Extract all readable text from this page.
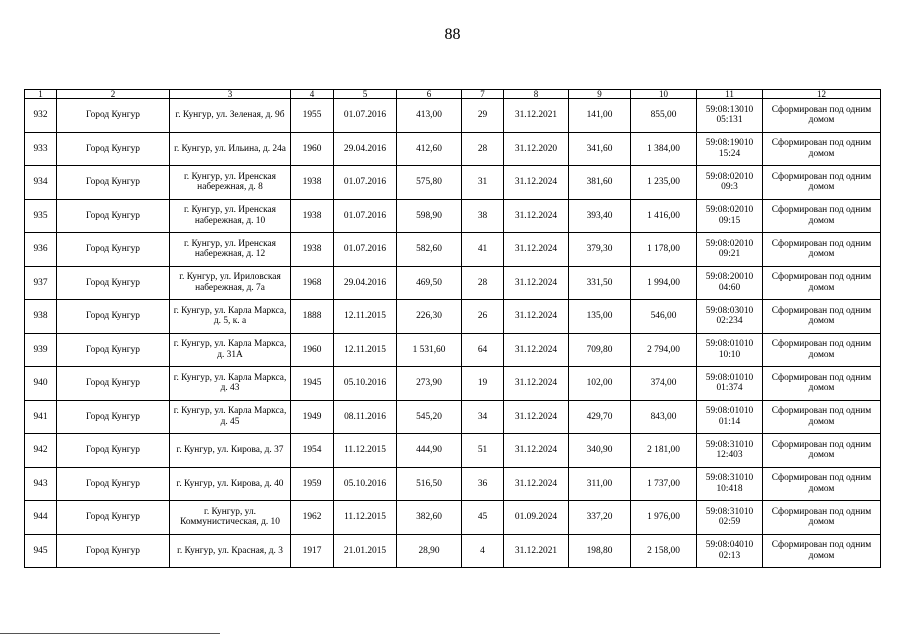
88
1	2	3	4	5	6	7	8	9	10	11	12
932	Город Кунгур	г. Кунгур, ул. Зеленая, д. 9б	1955	01.07.2016	413,00	29	31.12.2021	141,00	855,00	59:08:13010 05:131	Сформирован под одним домом
933	Город Кунгур	г. Кунгур, ул. Ильина, д. 24а	1960	29.04.2016	412,60	28	31.12.2020	341,60	1 384,00	59:08:19010 15:24	Сформирован под одним домом
934	Город Кунгур	г. Кунгур, ул. Иренская набережная, д. 8	1938	01.07.2016	575,80	31	31.12.2024	381,60	1 235,00	59:08:02010 09:3	Сформирован под одним домом
935	Город Кунгур	г. Кунгур, ул. Иренская набережная, д. 10	1938	01.07.2016	598,90	38	31.12.2024	393,40	1 416,00	59:08:02010 09:15	Сформирован под одним домом
936	Город Кунгур	г. Кунгур, ул. Иренская набережная, д. 12	1938	01.07.2016	582,60	41	31.12.2024	379,30	1 178,00	59:08:02010 09:21	Сформирован под одним домом
937	Город Кунгур	г. Кунгур, ул. Ириловская набережная, д. 7а	1968	29.04.2016	469,50	28	31.12.2024	331,50	1 994,00	59:08:20010 04:60	Сформирован под одним домом
938	Город Кунгур	г. Кунгур, ул. Карла Маркса, д. 5, к. а	1888	12.11.2015	226,30	26	31.12.2024	135,00	546,00	59:08:03010 02:234	Сформирован под одним домом
939	Город Кунгур	г. Кунгур, ул. Карла Маркса, д. 31А	1960	12.11.2015	1 531,60	64	31.12.2024	709,80	2 794,00	59:08:01010 10:10	Сформирован под одним домом
940	Город Кунгур	г. Кунгур, ул. Карла Маркса, д. 43	1945	05.10.2016	273,90	19	31.12.2024	102,00	374,00	59:08:01010 01:374	Сформирован под одним домом
941	Город Кунгур	г. Кунгур, ул. Карла Маркса, д. 45	1949	08.11.2016	545,20	34	31.12.2024	429,70	843,00	59:08:01010 01:14	Сформирован под одним домом
942	Город Кунгур	г. Кунгур, ул. Кирова, д. 37	1954	11.12.2015	444,90	51	31.12.2024	340,90	2 181,00	59:08:31010 12:403	Сформирован под одним домом
943	Город Кунгур	г. Кунгур, ул. Кирова, д. 40	1959	05.10.2016	516,50	36	31.12.2024	311,00	1 737,00	59:08:31010 10:418	Сформирован под одним домом
944	Город Кунгур	г. Кунгур, ул. Коммунистическая, д. 10	1962	11.12.2015	382,60	45	01.09.2024	337,20	1 976,00	59:08:31010 02:59	Сформирован под одним домом
945	Город Кунгур	г. Кунгур, ул. Красная, д. 3	1917	21.01.2015	28,90	4	31.12.2021	198,80	2 158,00	59:08:04010 02:13	Сформирован под одним домом
